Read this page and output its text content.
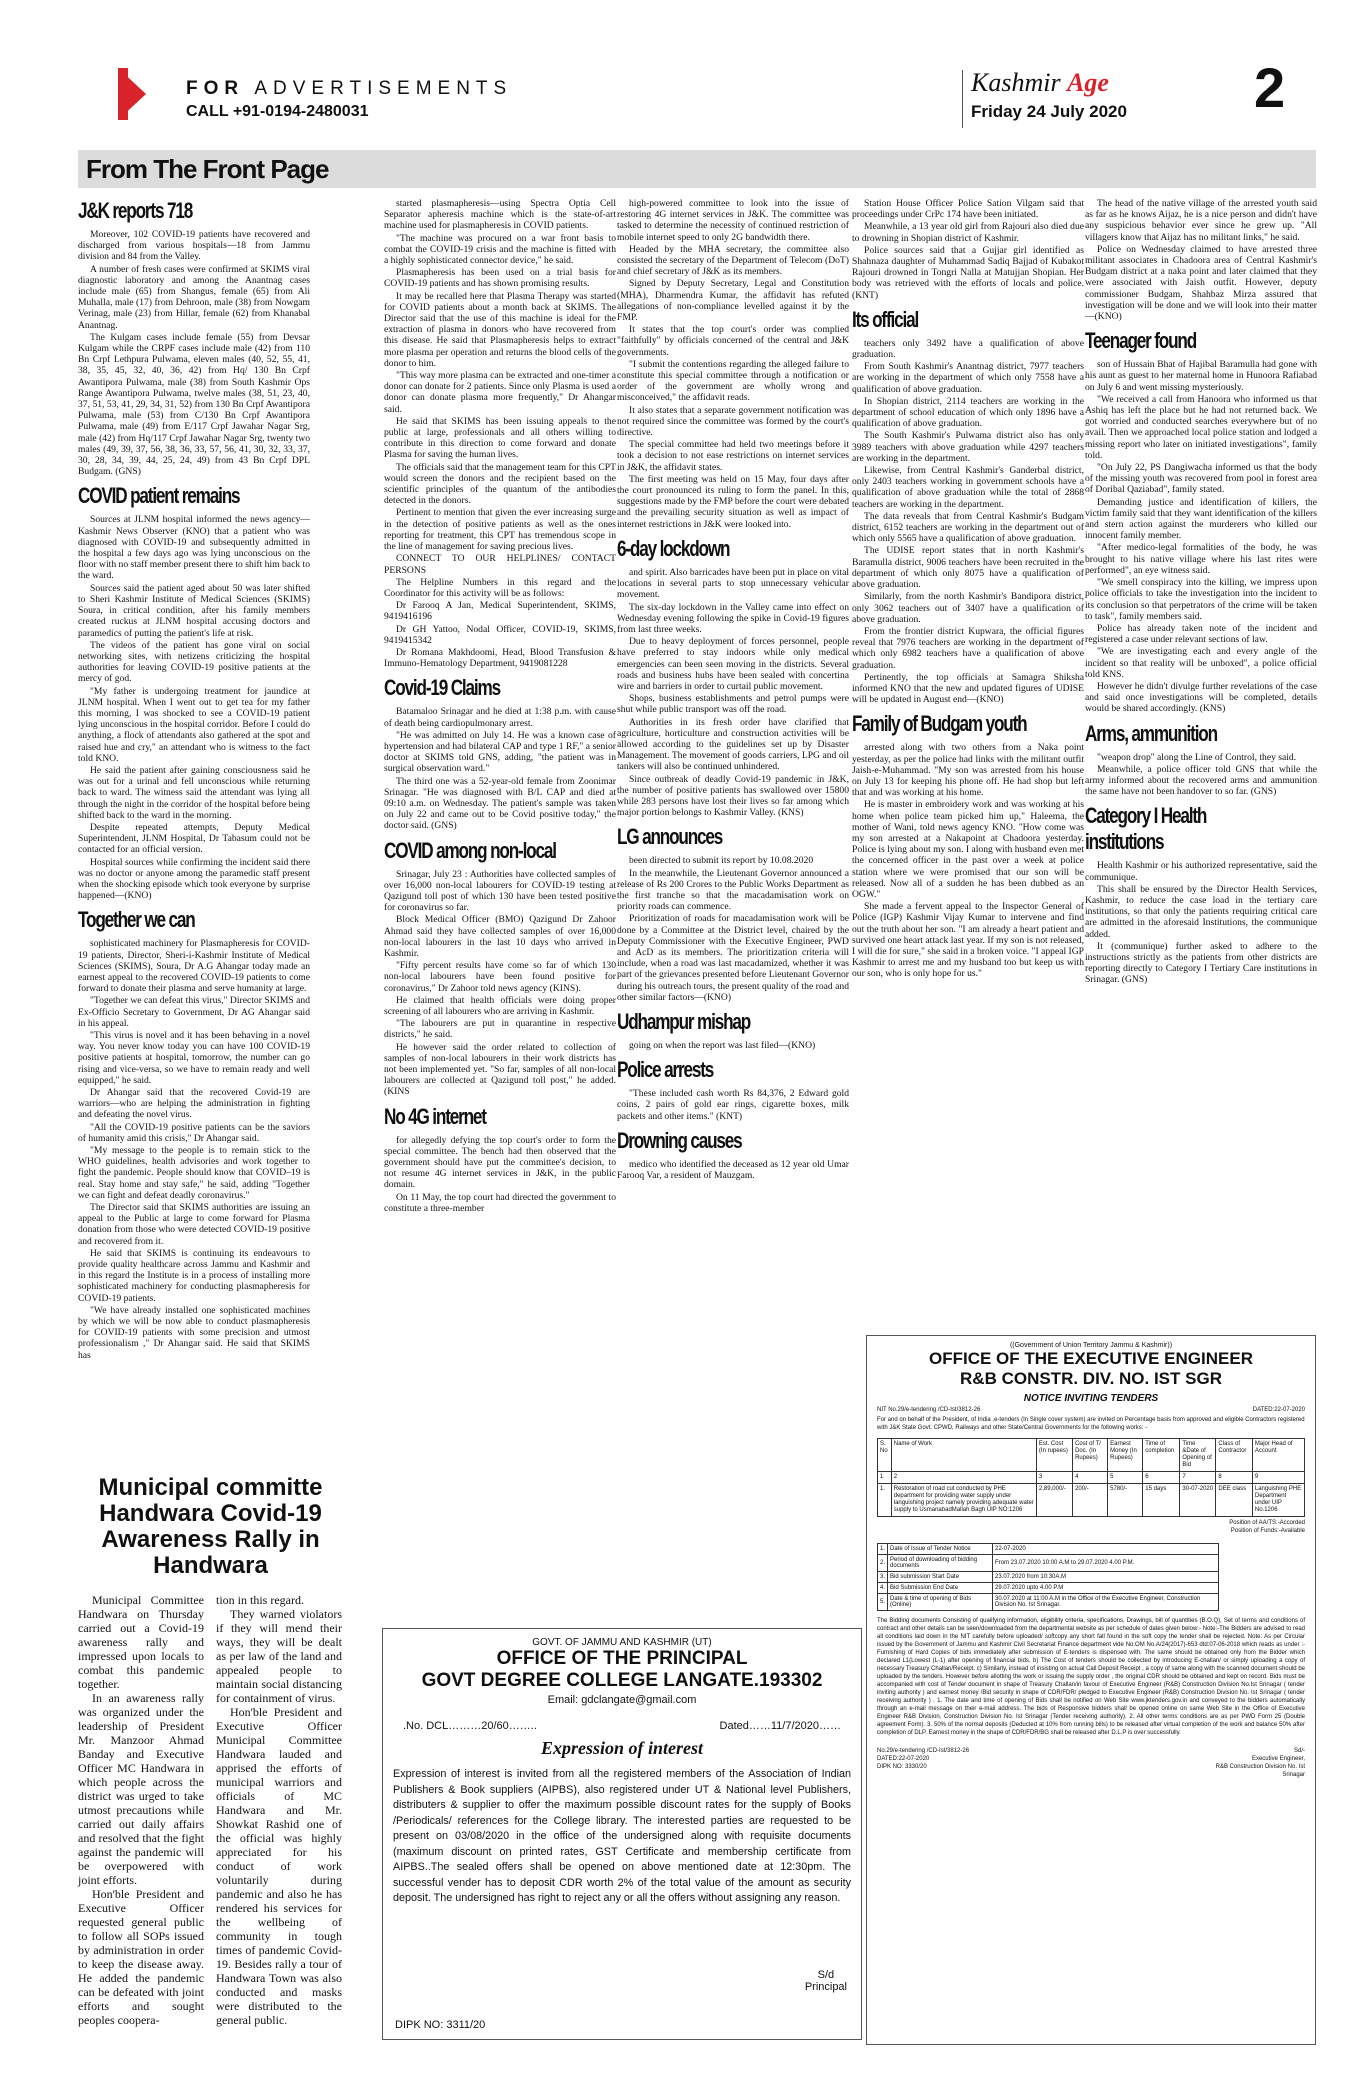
FOR ADVERTISEMENTS
CALL +91-0194-2480031
Kashmir Age
Friday 24 July 2020 2
From The Front Page
J&K reports 718

Moreover, 102 COVID-19 patients have recovered and discharged from various hospitals—18 from Jammu division and 84 from the Valley.

A number of fresh cases were confirmed at SKIMS viral diagnostic laboratory and among the Anantnag cases include male (65) from Shangus, female (65) from Ali Muhalla, male (17) from Dehroon, male (38) from Nowgam Verinag, male (23) from Hillar, female (62) from Khanabal Anantnag.

The Kulgam cases include female (55) from Devsar Kulgam while the CRPF cases include male (42) from 110 Bn Crpf Lethpura Pulwama, eleven males (40, 52, 55, 41, 38, 35, 45, 32, 40, 36, 42) from Hq/ 130 Bn Crpf Awantipora Pulwama, male (38) from South Kashmir Ops Range Awantipora Pulwama, twelve males (38, 51, 23, 40, 37, 51, 53, 41, 29, 34, 31, 52) from 130 Bn Crpf Awantipora Pulwama, male (53) from C/130 Bn Crpf Awantipora Pulwama, male (49) from E/117 Crpf Jawahar Nagar Srg, male (42) from Hq/117 Crpf Jawahar Nagar Srg, twenty two males (49, 39, 37, 56, 38, 36, 33, 57, 56, 41, 30, 32, 33, 37, 30, 28, 34, 39, 44, 25, 24, 49) from 43 Bn Crpf DPL Budgam. (GNS)

COVID patient remains

Sources at JLNM hospital informed the news agency—Kashmir News Observer (KNO) that a patient who was diagnosed with COVID-19 and subsequently admitted in the hospital a few days ago was lying unconscious on the floor with no staff member present there to shift him back to the ward.

Sources said the patient aged about 50 was later shifted to Sheri Kashmir Institute of Medical Sciences (SKIMS) Soura, in critical condition, after his family members created ruckus at JLNM hospital accusing doctors and paramedics of putting the patient's life at risk.

The videos of the patient has gone viral on social networking sites, with netizens criticizing the hospital authorities for leaving COVID-19 positive patients at the mercy of god.

"My father is undergoing treatment for jaundice at JLNM hospital. When I went out to get tea for my father this morning, I was shocked to see a COVID-19 patient lying unconscious in the hospital corridor. Before I could do anything, a flock of attendants also gathered at the spot and raised hue and cry," an attendant who is witness to the fact told KNO.

He said the patient after gaining consciousness said he was out for a urinal and fell unconscious while returning back to ward. The witness said the attendant was lying all through the night in the corridor of the hospital before being shifted back to the ward in the morning.

Despite repeated attempts, Deputy Medical Superintendent, JLNM Hospital, Dr Tabasum could not be contacted for an official version.

Hospital sources while confirming the incident said there was no doctor or anyone among the paramedic staff present when the shocking episode which took everyone by surprise happened—(KNO)

Together we can

sophisticated machinery for Plasmapheresis for COVID-19 patients, Director, Sheri-i-Kashmir Institute of Medical Sciences (SKIMS), Soura, Dr A.G Ahangar today made an earnest appeal to the recovered COVID-19 patients to come forward to donate their plasma and serve humanity at large.

"Together we can defeat this virus," Director SKIMS and Ex-Officio Secretary to Government, Dr AG Ahangar said in his appeal.

"This virus is novel and it has been behaving in a novel way. You never know today you can have 100 COVID-19 positive patients at hospital, tomorrow, the number can go rising and vice-versa, so we have to remain ready and well equipped," he said.

Dr Ahangar said that the recovered Covid-19 are warriors—who are helping the administration in fighting and defeating the novel virus.

"All the COVID-19 positive patients can be the saviors of humanity amid this crisis," Dr Ahangar said.

"My message to the people is to remain stick to the WHO guidelines, health advisories and work together to fight the pandemic. People should know that COVID–19 is real. Stay home and stay safe," he said, adding "Together we can fight and defeat deadly coronavirus."

The Director said that SKIMS authorities are issuing an appeal to the Public at large to come forward for Plasma donation from those who were detected COVID-19 positive and recovered from it.

He said that SKIMS is continuing its endeavours to provide quality healthcare across Jammu and Kashmir and in this regard the Institute is in a process of installing more sophisticated machinery for conducting plasmapheresis for COVID-19 patients.

"We have already installed one sophisticated machines by which we will be now able to conduct plasmapheresis for COVID-19 patients with some precision and utmost professionalism ," Dr Ahangar said. He said that SKIMS has

started plasmapheresis—using Spectra Optia Cell Separator apheresis machine which is the state-of-art machine used for plasmapheresis in COVID patients.

"The machine was procured on a war front basis to combat the COVID-19 crisis and the machine is fitted with a highly sophisticated connector device," he said.

Plasmapheresis has been used on a trial basis for COVID-19 patients and has shown promising results.

It may be recalled here that Plasma Therapy was started for COVID patients about a month back at SKIMS. The Director said that the use of this machine is ideal for the extraction of plasma in donors who have recovered from this disease. He said that Plasmapheresis helps to extract more plasma per operation and returns the blood cells of the donor to him.

"This way more plasma can be extracted and one-timer a donor can donate for 2 patients. Since only Plasma is used a donor can donate plasma more frequently," Dr Ahangar said.

He said that SKIMS has been issuing appeals to the public at large, professionals and all others willing to contribute in this direction to come forward and donate Plasma for saving the human lives.

The officials said that the management team for this CPT would screen the donors and the recipient based on the scientific principles of the quantum of the antibodies detected in the donors.

Pertinent to mention that given the ever increasing surge in the detection of positive patients as well as the ones reporting for treatment, this CPT has tremendous scope in the line of management for saving precious lives.

CONNECT TO OUR HELPLINES/ CONTACT PERSONS

The Helpline Numbers in this regard and the Coordinator for this activity will be as follows:

Dr Farooq A Jan, Medical Superintendent, SKIMS, 9419416196

Dr GH Yattoo, Nodal Officer, COVID-19, SKIMS, 9419415342

Dr Romana Makhdoomi, Head, Blood Transfusion & Immuno-Hematology Department, 9419081228

Covid-19 Claims

Batamaloo Srinagar and he died at 1:38 p.m. with cause of death being cardiopulmonary arrest.

"He was admitted on July 14. He was a known case of hypertension and had bilateral CAP and type 1 RF," a senior doctor at SKIMS told GNS, adding, "the patient was in surgical observation ward."

The third one was a 52-year-old female from Zoonimar Srinagar. "He was diagnosed with B/L CAP and died at 09:10 a.m. on Wednesday. The patient's sample was taken on July 22 and came out to be Covid positive today," the doctor said. (GNS)

COVID among non-local

Srinagar, July 23 : Authorities have collected samples of over 16,000 non-local labourers for COVID-19 testing at Qazigund toll post of which 130 have been tested positive for coronavirus so far.

Block Medical Officer (BMO) Qazigund Dr Zahoor Ahmad said they have collected samples of over 16,000 non-local labourers in the last 10 days who arrived in Kashmir.

"Fifty percent results have come so far of which 130 non-local labourers have been found positive for coronavirus," Dr Zahoor told news agency (KINS).

He claimed that health officials were doing proper screening of all labourers who are arriving in Kashmir.

"The labourers are put in quarantine in respective districts," he said.

He however said the order related to collection of samples of non-local labourers in their work districts has not been implemented yet. "So far, samples of all non-local labourers are collected at Qazigund toll post," he added.(KINS

No 4G internet

for allegedly defying the top court's order to form the special committee. The bench had then observed that the government should have put the committee's decision, to not resume 4G internet services in J&K, in the public domain.

On 11 May, the top court had directed the government to constitute a three-member

high-powered committee to look into the issue of restoring 4G internet services in J&K. The committee was tasked to determine the necessity of continued restriction of mobile internet speed to only 2G bandwidth there.

Headed by the MHA secretary, the committee also consisted the secretary of the Department of Telecom (DoT) and chief secretary of J&K as its members.

Signed by Deputy Secretary, Legal and Constitution (MHA), Dharmendra Kumar, the affidavit has refuted allegations of non-compliance levelled against it by the FMP.

It states that the top court's order was complied "faithfully" by officials concerned of the central and J&K governments.

"I submit the contentions regarding the alleged failure to constitute this special committee through a notification or order of the government are wholly wrong and misconceived," the affidavit reads.

It also states that a separate government notification was not required since the committee was formed by the court's directive.

The special committee had held two meetings before it took a decision to not ease restrictions on internet services in J&K, the affidavit states.

The first meeting was held on 15 May, four days after the court pronounced its ruling to form the panel. In this, suggestions made by the FMP before the court were debated and the prevailing security situation as well as impact of internet restrictions in J&K were looked into.

6-day lockdown

and spirit. Also barricades have been put in place on vital locations in several parts to stop unnecessary vehicular movement.

The six-day lockdown in the Valley came into effect on Wednesday evening following the spike in Covid-19 figures from last three weeks.

Due to heavy deployment of forces personnel, people have preferred to stay indoors while only medical emergencies can been seen moving in the districts. Several roads and business hubs have been sealed with concertina wire and barriers in order to curtail public movement.

Shops, business establishments and petrol pumps were shut while public transport was off the road.

Authorities in its fresh order have clarified that agriculture, horticulture and construction activities will be allowed according to the guidelines set up by Disaster Management. The movement of goods carriers, LPG and oil tankers will also be continued unhindered.

Since outbreak of deadly Covid-19 pandemic in J&K, the number of positive patients has swallowed over 15800 while 283 persons have lost their lives so far among which major portion belongs to Kashmir Valley. (KNS)

LG announces

been directed to submit its report by 10.08.2020

In the meanwhile, the Lieutenant Governor announced a release of Rs 200 Crores to the Public Works Department as the first tranche so that the macadamisation work on priority roads can commence.

Prioritization of roads for macadamisation work will be done by a Committee at the District level, chaired by the Deputy Commissioner with the Executive Engineer, PWD and AcD as its members. The prioritization criteria will include, when a road was last macadamized, whether it was part of the grievances presented before Lieutenant Governor during his outreach tours, the present quality of the road and other similar factors—(KNO)

Udhampur mishap

going on when the report was last filed—(KNO)

Police arrests

"These included cash worth Rs 84,376, 2 Edward gold coins, 2 pairs of gold ear rings, cigarette boxes, milk packets and other items." (KNT)

Drowning causes

medico who identified the deceased as 12 year old Umar Farooq Var, a resident of Mauzgam.

Station House Officer Police Sation Vilgam said that proceedings under CrPc 174 have been initiated.

Meanwhile, a 13 year old girl from Rajouri also died due to drowning in Shopian district of Kashmir.

Police sources said that a Gujjar girl identified as Shahnaza daughter of Muhammad Sadiq Bajjad of Kubakot Rajouri drowned in Tongri Nalla at Matujjan Shopian. Her body was retrieved with the efforts of locals and police. (KNT)

Its official

teachers only 3492 have a qualification of above graduation.

From South Kashmir's Anantnag district, 7977 teachers are working in the department of which only 7558 have a qualification of above graduation.

In Shopian district, 2114 teachers are working in the department of school education of which only 1896 have a qualification of above graduation.

The South Kashmir's Pulwama district also has only 3989 teachers with above graduation while 4297 teachers are working in the department.

Likewise, from Central Kashmir's Ganderbal district, only 2403 teachers working in government schools have a qualification of above graduation while the total of 2868 teachers are working in the department.

The data reveals that from Central Kashmir's Budgam district, 6152 teachers are working in the department out of which only 5565 have a qualification of above graduation.

The UDISE report states that in north Kashmir's Baramulla district, 9006 teachers have been recruited in the department of which only 8075 have a qualification of above graduation.

Similarly, from the north Kashmir's Bandipora district, only 3062 teachers out of 3407 have a qualification of above graduation.

From the frontier district Kupwara, the official figures reveal that 7976 teachers are working in the department of which only 6982 teachers have a qualification of above graduation.

Pertinently, the top officials at Samagra Shiksha informed KNO that the new and updated figures of UDISE will be updated in August end—(KNO)

Family of Budgam youth

arrested along with two others from a Naka point yesterday, as per the police had links with the militant outfit Jaish-e-Muhammad. "My son was arrested from his house on July 13 for keeping his phone off. He had shop but left that and was working at his home.

He is master in embroidery work and was working at his home when police team picked him up," Haleema, the mother of Wani, told news agency KNO. "How come was my son arrested at a Nakapoint at Chadoora yesterday. Police is lying about my son. I along with husband even met the concerned officer in the past over a week at police station where we were promised that our son will be released. Now all of a sudden he has been dubbed as an OGW."

She made a fervent appeal to the Inspector General of Police (IGP) Kashmir Vijay Kumar to intervene and find out the truth about her son. "I am already a heart patient and survived one heart attack last year. If my son is not released, I will die for sure," she said in a broken voice. "I appeal IGP Kashmir to arrest me and my husband too but keep us with our son, who is only hope for us."

The head of the native village of the arrested youth said as far as he knows Aijaz, he is a nice person and didn't have any suspicious behavior ever since he grew up. "All villagers know that Aijaz has no militant links," he said.

Police on Wednesday claimed to have arrested three militant associates in Chadoora area of Central Kashmir's Budgam district at a naka point and later claimed that they were associated with Jaish outfit. However, deputy commissioner Budgam, Shahbaz Mirza assured that investigation will be done and we will look into their matter—(KNO)

Teenager found

son of Hussain Bhat of Hajibal Baramulla had gone with his aunt as guest to her maternal home in Hunoora Rafiabad on July 6 and went missing mysteriously.

"We received a call from Hanoora who informed us that Ashiq has left the place but he had not returned back. We got worried and conducted searches everywhere but of no avail. Then we approached local police station and lodged a missing report who later on initiated investigations", family told.

"On July 22, PS Dangiwacha informed us that the body of the missing youth was recovered from pool in forest area of Doribal Qaziabad", family stated.

Demanding justice and identification of killers, the victim family said that they want identification of the killers and stern action against the murderers who killed our innocent family member.

"After medico-legal formalities of the body, he was brought to his native village where his last rites were performed", an eye witness said.

"We smell conspiracy into the killing, we impress upon police officials to take the investigation into the incident to its conclusion so that perpetrators of the crime will be taken to task", family members said.

Police has already taken note of the incident and registered a case under relevant sections of law.

"We are investigating each and every angle of the incident so that reality will be unboxed", a police official told KNS.

However he didn't divulge further revelations of the case and said once investigations will be completed, details would be shared accordingly. (KNS)

Arms, ammunition

"weapon drop" along the Line of Control, they said.

Meanwhile, a police officer told GNS that while the army informed about the recovered arms and ammunition the same have not been handover to so far. (GNS)

Category I Health
institutions

Health Kashmir or his authorized representative, said the communique.

This shall be ensured by the Director Health Services, Kashmir, to reduce the case load in the tertiary care institutions, so that only the patients requiring critical care are admitted in the aforesaid Institutions, the communique added.

It (communique) further asked to adhere to the instructions strictly as the patients from other districts are reporting directly to Category I Tertiary Care institutions in Srinagar. (GNS)

Municipal committe Handwara Covid-19 Awareness Rally in Handwara

Municipal Committee Handwara on Thursday carried out a Covid-19 awareness rally and impressed upon locals to combat this pandemic together.

In an awareness rally was organized under the leadership of President Mr. Manzoor Ahmad Banday and Executive Officer MC Handwara in which people across the district was urged to take utmost precautions while carried out daily affairs and resolved that the fight against the pandemic will be overpowered with joint efforts.

Hon'ble President and Executive Officer requested general public to follow all SOPs issued by administration in order to keep the disease away. He added the pandemic can be defeated with joint efforts and sought peoples coopera-

tion in this regard.

They warned violators if they will mend their ways, they will be dealt as per law of the land and appealed people to maintain social distancing for containment of virus.

Hon'ble President and Executive Officer Municipal Committee Handwara lauded and apprised the efforts of municipal warriors and officials of MC Handwara and Mr. Showkat Rashid one of the official was highly appreciated for his conduct of work voluntarily during pandemic and also he has rendered his services for the wellbeing of community in tough times of pandemic Covid-19. Besides rally a tour of Handwara Town was also conducted and masks were distributed to the general public.

GOVT. OF JAMMU AND KASHMIR (UT)
OFFICE OF THE PRINCIPAL
GOVT DEGREE COLLEGE LANGATE.193302
Email: gdclangate@gmail.com
.No. DCL………20/60……..	Dated……11/7/2020……
Expression of interest
Expression of interest is invited from all the registered members of the Association of Indian Publishers & Book suppliers (AIPBS), also registered under UT & National level Publishers, distributers & supplier to offer the maximum possible discount rates for the supply of Books /Periodicals/ references for the College library. The interested parties are requested to be present on 03/08/2020 in the office of the undersigned along with requisite documents (maximum discount on printed rates, GST Certificate and membership certificate from AIPBS..The sealed offers shall be opened on above mentioned date at 12:30pm. The successful vender has to deposit CDR worth 2% of the total value of the amount as security deposit. The undersigned has right to reject any or all the offers without assigning any reason.
S/d
Principal
DIPK NO: 3311/20
((Government of Union Territory Jammu & Kashmir))
OFFICE OF THE EXECUTIVE ENGINEER
R&B CONSTR. DIV. NO. IST SGR
NOTICE INVITING TENDERS
NIT No.29/e-tendering /CD-Ist/3812-26	DATED:22-07-2020
For and on behalf of the President, of India ,e-tenders (In Single cover system) are invited on Percentage basis from approved and eligible Contractors registered with J&K State Govt. CPWD, Railways and other State/Central Governments for the following works: -
S. No	Name of Work	Est. Cost (In rupees)	Cost of T/ Doc. (In Rupees)	Earnest Money (In Rupees)	Time of completion	Time &Date of Opening of Bid	Class of Contractor	Major Head of Account
1	2	3	4	5	6	7	8	9
1.	Restoration of road cut conducted by PHE department for providing water supply under languishing project namely providing adequate water supply to UsmanabadMallah Bagh UIP NO:1206	2,89,000/-	200/-	5780/-	15 days	30-07-2020	DEE class	Languishing PHE Department under UIP No.1206
Position of AA/TS:-Accorded
Position of Funds:-Available
1.	Date of Issue of Tender Notice	22-07-2020
2.	Period of downloading of bidding documents	From 23.07.2020 10:00 A.M to 29.07.2020 4.00 P.M.
3.	Bid submission Start Date	23.07.2020 from 10:30A.M
4.	Bid Submission End Date	29.07.2020 upto 4.00 P.M
5.	Date & time of opening of Bids (Online)	30.07.2020 at 11:00 A.M in the Office of the Executive Engineer, Construction Division No. Ist Srinagar.
The Bidding documents Consisting of qualifying information, eligibility criteria, specifications, Drawings, bill of quantities (B.O.Q), Set of terms and conditions of contract and other details can be seen/downloaded from the departmental website as per schedule of dates given below:- Note:-The Bidders are advised to read all conditions laid down in the NIT carefully before uploaded/ softcopy any short fall found in the soft copy the tender shall be rejected. Note: As per Circular issued by the Government of Jammu and Kashmir Civil Secretariat Finance department vide No.OM No.A/24(2017)-653 dtd:07-06-2018 which reads as under :- Furnishing of Hard Copies of bids immediately after submission of E-tenders is dispensed with. The same should be obtained only from the Bidder which declared L1(Lowest (L-1) after opening of financial bids. b) The Cost of tenders should be collected by introducing E-challan/ or simply uploading a copy of necessary Treasury Challan/Receipt. c) Similarly, instead of insisting on actual Call Deposit Receipt , a copy of same along with the scanned document should be uploaded by the tenders. However before allotting the work or issuing the supply order , the original CDR should be obtained and kept on record. Bids must be accompanied with cost of Tender document in shape of Treasury Challan/in favour of Executive Engineer (R&B) Construction Division No.Ist Srinagar ( tender inviting authority ) and earnest money /Bid security in shape of CDR/FDR/ pledged to Executive Engineer (R&B) Construction Division No. Ist Srinagar ( tender receiving authority ) . 1. The date and time of opening of Bids shall be notified on Web Site www.jktenders.gov.in and conveyed to the bidders automatically through an e-mail message on their e-mail address. The bids of Responsive bidders shall be opened online on same Web Site in the Office of Executive Engineer R&B Division, Construction Division No. Ist Srinagar (Tender receiving authority). 2. All other terms conditions are as per PWD Form 25 (Double agreement Form). 3. 50% of the normal deposits (Deducted at 10% from running bills) to be released after virtual completion of the work and balance 50% after completion of DLP. Earnest money in the shape of CDR/FDR/BG shall be released after D.L.P is over successfully.
No.29/e-tendering /CD-Ist/3812-26
DATED:22-07-2020
DIPK NO: 3330/20
Sd/-
Executive Engineer,
R&B Construction Division No. Ist
Srinagar
